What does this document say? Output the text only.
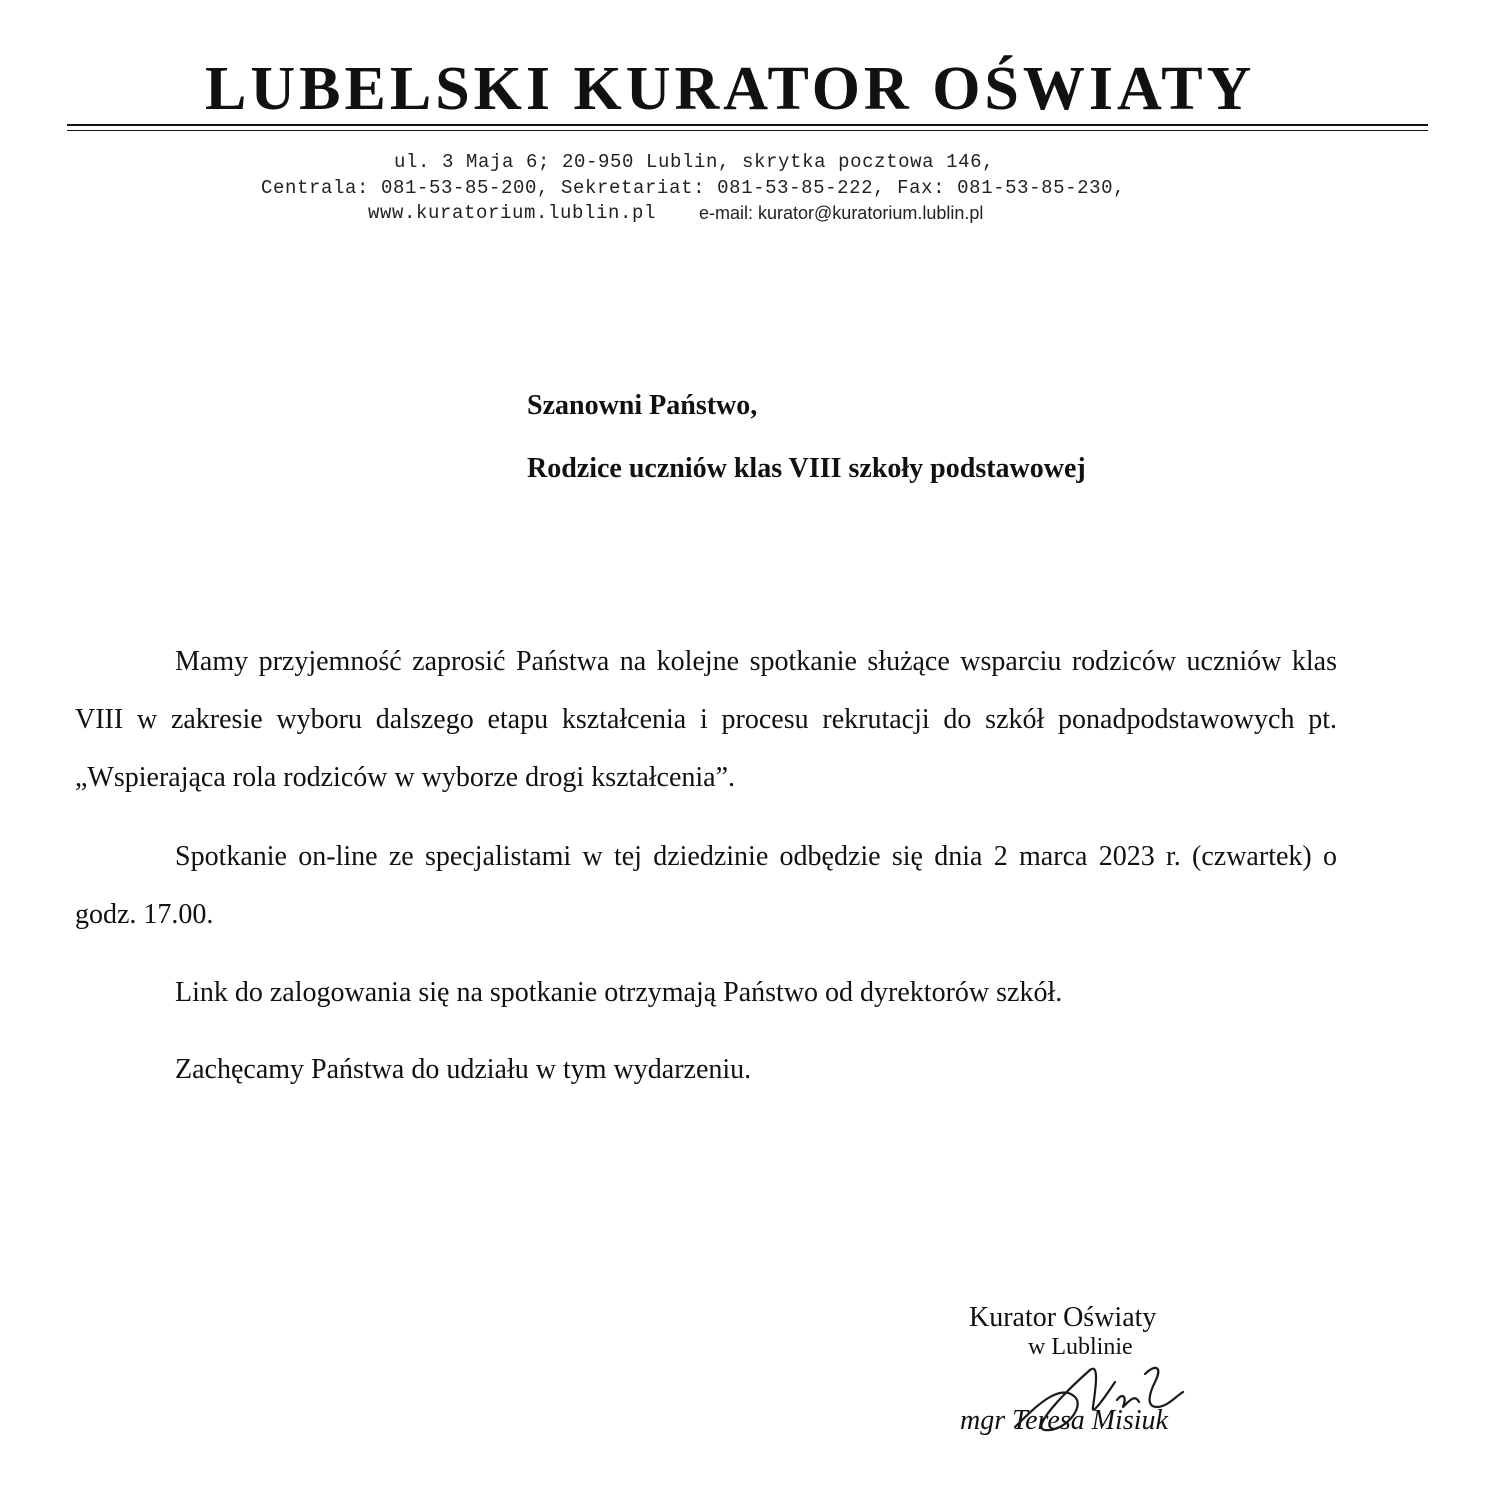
LUBELSKI KURATOR OŚWIATY
ul. 3 Maja 6; 20-950 Lublin, skrytka pocztowa 146,
Centrala: 081-53-85-200, Sekretariat: 081-53-85-222, Fax: 081-53-85-230,
www.kuratorium.lublin.pl e-mail: kurator@kuratorium.lublin.pl
Szanowni Państwo,
Rodzice uczniów klas VIII szkoły podstawowej

Mamy przyjemność zaprosić Państwa na kolejne spotkanie służące wsparciu rodziców uczniów klas VIII w zakresie wyboru dalszego etapu kształcenia i procesu rekrutacji do szkół ponadpodstawowych pt. „Wspierająca rola rodziców w wyborze drogi kształcenia”.

Spotkanie on-line ze specjalistami w tej dziedzinie odbędzie się dnia 2 marca 2023 r. (czwartek) o godz. 17.00.

Link do zalogowania się na spotkanie otrzymają Państwo od dyrektorów szkół.

Zachęcamy Państwa do udziału w tym wydarzeniu.

Kurator Oświaty
w Lublinie
mgr Teresa Misiuk
